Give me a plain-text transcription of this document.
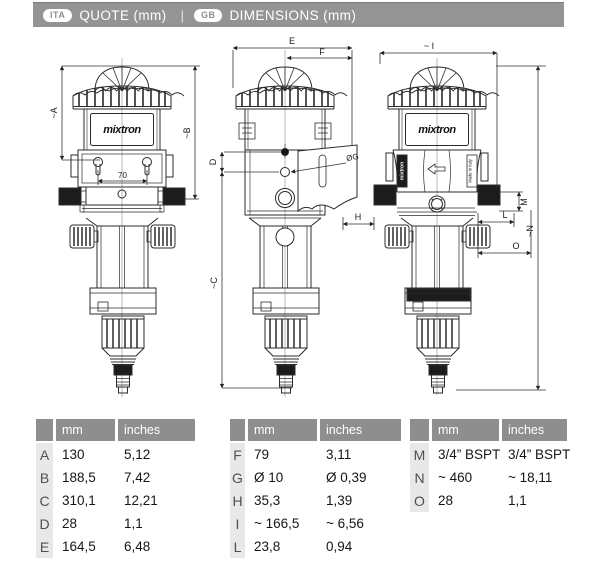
ITA	QUOTE (mm) |	GB	DIMENSIONS (mm)
mixtron
~A
~B
70
E
F
D
~C
ØG
H
mixtron
mixtron	Made in Italy
~ I
~N
M
L
O
	mm	inches
A	130	5,12
B	188,5	7,42
C	310,1	12,21
D	28	1,1
E	164,5	6,48
	mm	inches
F	79	3,11
G	Ø 10	Ø 0,39
H	35,3	1,39
I	~ 166,5	~ 6,56
L	23,8	0,94
	mm	inches
M	3/4” BSPT	3/4” BSPT
N	~ 460	~ 18,11
O	28	1,1
